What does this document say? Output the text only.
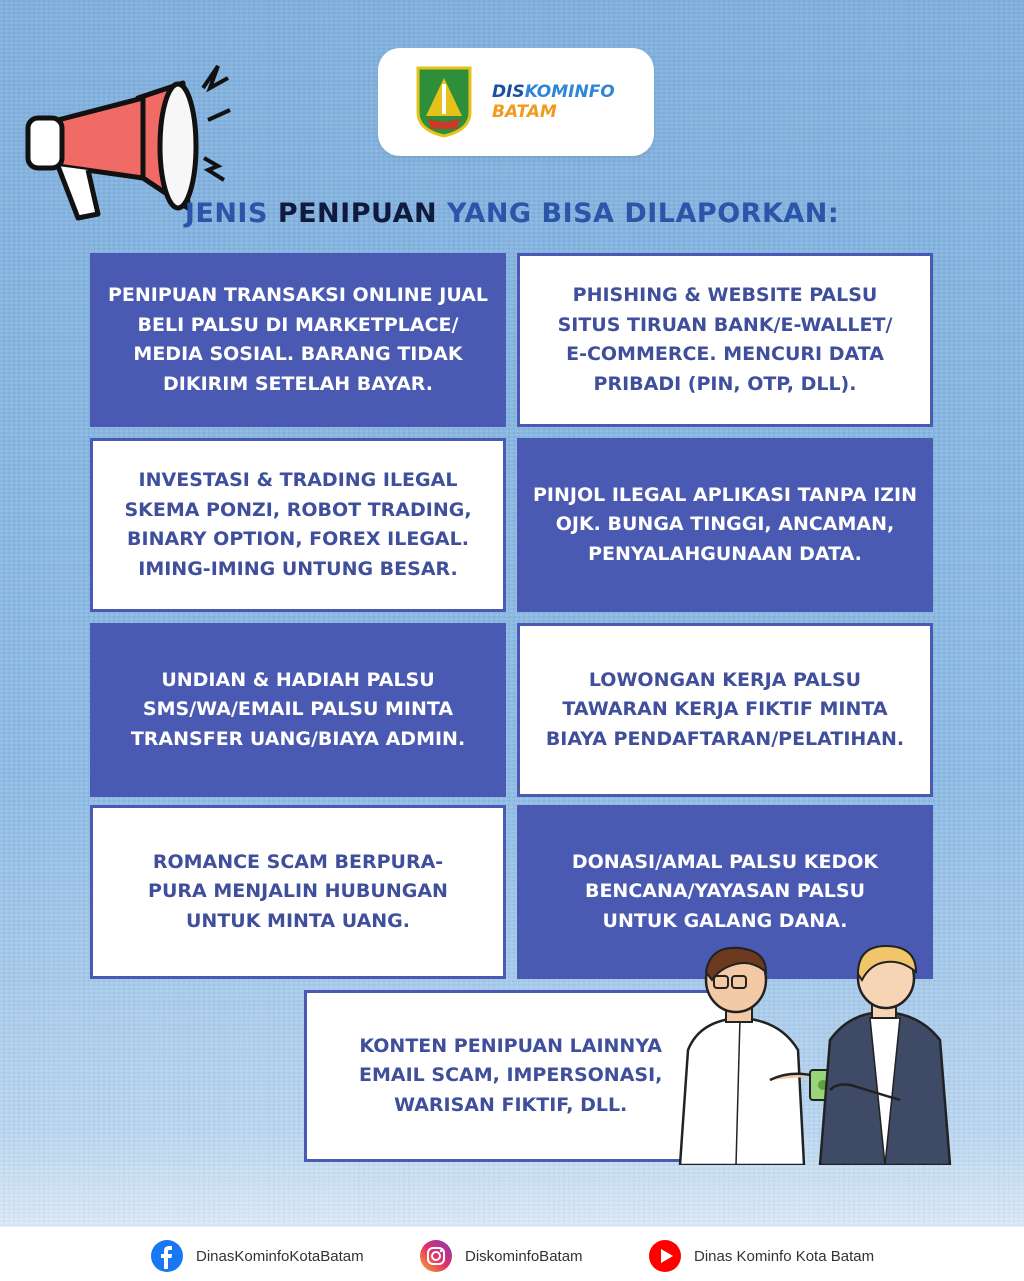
DISKOMINFO
BATAM
JENIS PENIPUAN YANG BISA DILAPORKAN:
PENIPUAN TRANSAKSI ONLINE JUAL
BELI PALSU DI MARKETPLACE/
MEDIA SOSIAL. BARANG TIDAK
DIKIRIM SETELAH BAYAR.
PHISHING & WEBSITE PALSU
SITUS TIRUAN BANK/E-WALLET/
E-COMMERCE. MENCURI DATA
PRIBADI (PIN, OTP, DLL).
INVESTASI & TRADING ILEGAL
SKEMA PONZI, ROBOT TRADING,
BINARY OPTION, FOREX ILEGAL.
IMING-IMING UNTUNG BESAR.
PINJOL ILEGAL APLIKASI TANPA IZIN
OJK. BUNGA TINGGI, ANCAMAN,
PENYALAHGUNAAN DATA.
UNDIAN & HADIAH PALSU
SMS/WA/EMAIL PALSU MINTA
TRANSFER UANG/BIAYA ADMIN.
LOWONGAN KERJA PALSU
TAWARAN KERJA FIKTIF MINTA
BIAYA PENDAFTARAN/PELATIHAN.
ROMANCE SCAM BERPURA-
PURA MENJALIN HUBUNGAN
UNTUK MINTA UANG.
DONASI/AMAL PALSU KEDOK
BENCANA/YAYASAN PALSU
UNTUK GALANG DANA.
KONTEN PENIPUAN LAINNYA
EMAIL SCAM, IMPERSONASI,
WARISAN FIKTIF, DLL.
DinasKominfoKotaBatam	DiskominfoBatam	Dinas Kominfo Kota Batam
